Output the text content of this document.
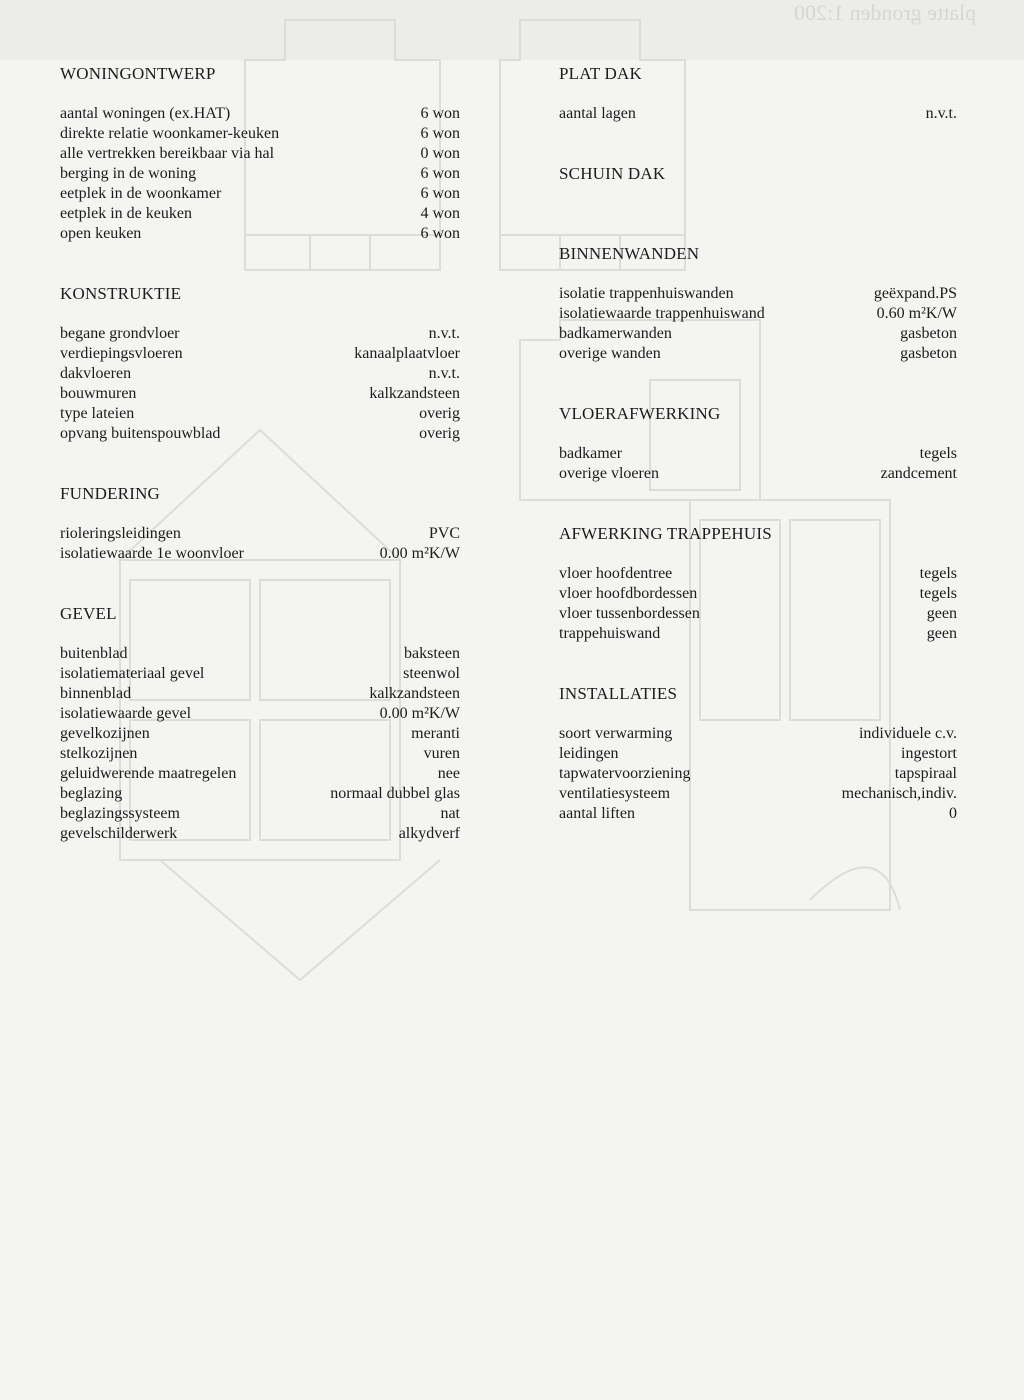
platte gronden 1:200
WONINGONTWERP
aantal woningen (ex.HAT)	6 won
direkte relatie woonkamer-keuken	6 won
alle vertrekken bereikbaar via hal	0 won
berging in de woning	6 won
eetplek in de woonkamer	6 won
eetplek in de keuken	4 won
open keuken	6 won
KONSTRUKTIE
begane grondvloer	n.v.t.
verdiepingsvloeren	kanaalplaatvloer
dakvloeren	n.v.t.
bouwmuren	kalkzandsteen
type lateien	overig
opvang buitenspouwblad	overig
FUNDERING
rioleringsleidingen	PVC
isolatiewaarde 1e woonvloer	0.00 m²K/W
GEVEL
buitenblad	baksteen
isolatiemateriaal gevel	steenwol
binnenblad	kalkzandsteen
isolatiewaarde gevel	0.00 m²K/W
gevelkozijnen	meranti
stelkozijnen	vuren
geluidwerende maatregelen	nee
beglazing	normaal dubbel glas
beglazingssysteem	nat
gevelschilderwerk	alkydverf
PLAT DAK
aantal lagen	n.v.t.
SCHUIN DAK
BINNENWANDEN
isolatie trappenhuiswanden	geëxpand.PS
isolatiewaarde trappenhuiswand	0.60 m²K/W
badkamerwanden	gasbeton
overige wanden	gasbeton
VLOERAFWERKING
badkamer	tegels
overige vloeren	zandcement
AFWERKING TRAPPEHUIS
vloer hoofdentree	tegels
vloer hoofdbordessen	tegels
vloer tussenbordessen	geen
trappehuiswand	geen
INSTALLATIES
soort verwarming	individuele c.v.
leidingen	ingestort
tapwatervoorziening	tapspiraal
ventilatiesysteem	mechanisch,indiv.
aantal liften	0
